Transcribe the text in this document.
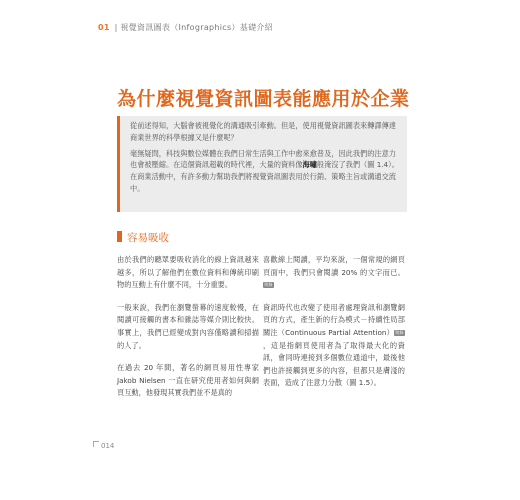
01 | 視覺資訊圖表（Infographics）基礎介紹
為什麼視覺資訊圖表能應用於企業

從前述得知，大腦會被視覺化的溝通吸引牽動。但是，使用視覺資訊圖表來轉譯傳達商業世界的科學根據又是什麼呢？

毫無疑問，科技與數位媒體在我們日常生活與工作中愈來愈普及，因此我們的注意力也會被壓縮。在這個資訊超載的時代裡，大量的資料像海嘯般淹沒了我們（圖 1.4）。在商業活動中，有許多動力幫助我們將視覺資訊圖表用於行銷、策略主旨或溝通交流中。

容易吸收

由於我們的聽眾要吸收消化的線上資訊越來越多，所以了解他們在數位資料和傳統印刷物的互動上有什麼不同，十分重要。

一般來說，我們在瀏覽螢幕的速度較慢，在閱讀可接觸的書本和雜誌等媒介則比較快。事實上，我們已經變成對內容僅略讀和掃描的人了。

在過去 20 年間，著名的網頁易用性專家 Jakob Nielsen 一直在研究使用者如何與網頁互動，他發現其實我們並不是真的

喜歡線上閱讀，平均來說，一個常規的網頁頁面中，我們只會閱讀 20% 的文字而已。附錄

資訊時代也改變了使用者處理資訊和瀏覽網頁的方式，產生新的行為模式－持續性局部關注（Continuous Partial Attention） 附錄，這是指網頁使用者為了取得最大化的資訊，會同時連接到多個數位通道中，最後他們也許接觸到更多的內容，但都只是膚淺的表面，造成了注意力分散（圖 1.5）。

014
